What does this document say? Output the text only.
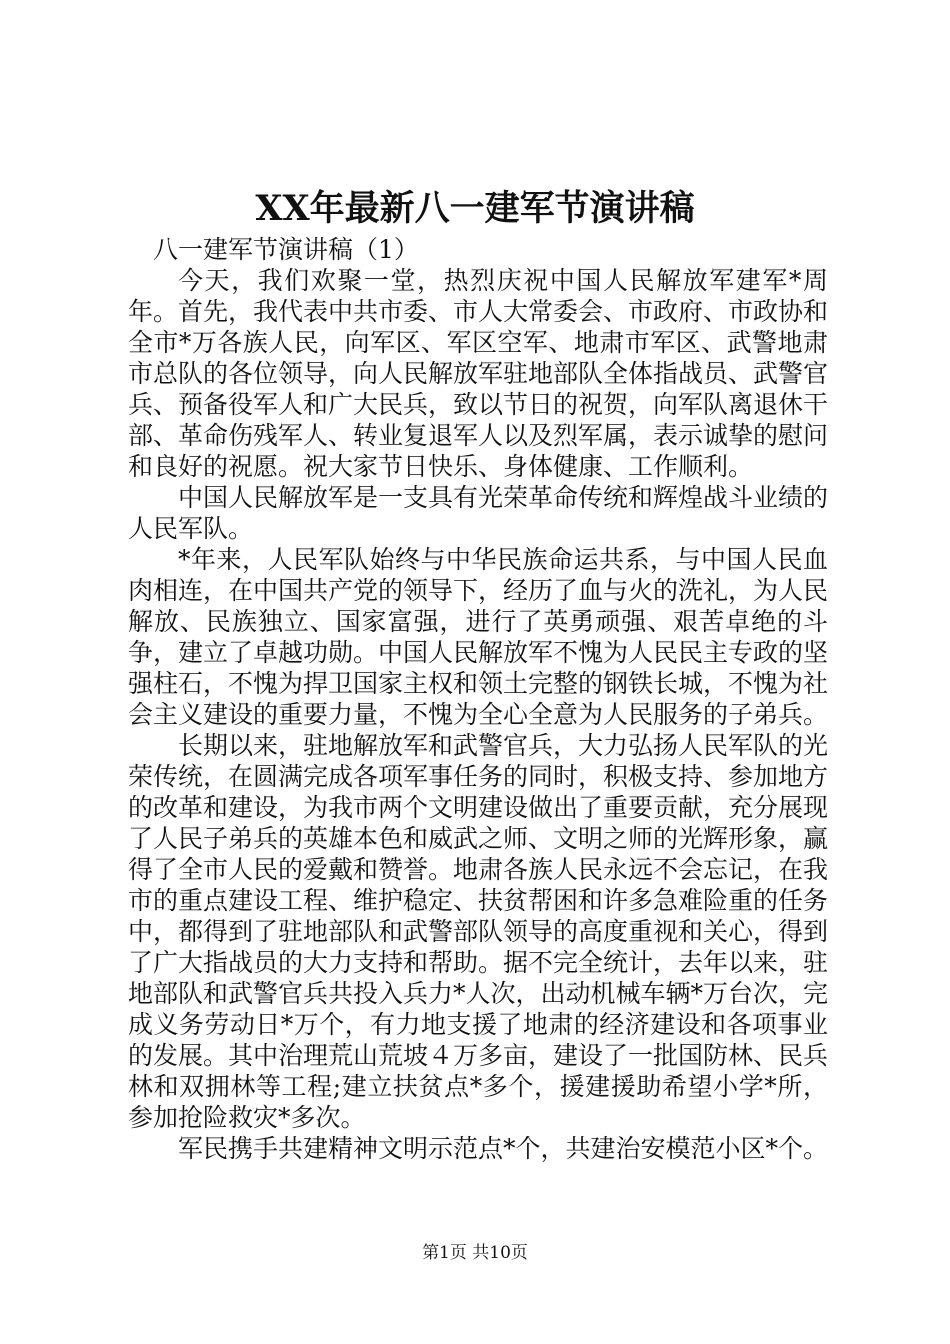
XX年最新八一建军节演讲稿

八一建军节演讲稿（1）

今天，我们欢聚一堂，热烈庆祝中国人民解放军建军*周年。首先，我代表中共市委、市人大常委会、市政府、市政协和全市*万各族人民，向军区、军区空军、地肃市军区、武警地肃市总队的各位领导，向人民解放军驻地部队全体指战员、武警官兵、预备役军人和广大民兵，致以节日的祝贺，向军队离退休干部、革命伤残军人、转业复退军人以及烈军属，表示诚挚的慰问和良好的祝愿。祝大家节日快乐、身体健康、工作顺利。

中国人民解放军是一支具有光荣革命传统和辉煌战斗业绩的人民军队。

*年来，人民军队始终与中华民族命运共系，与中国人民血肉相连，在中国共产党的领导下，经历了血与火的洗礼，为人民解放、民族独立、国家富强，进行了英勇顽强、艰苦卓绝的斗争，建立了卓越功勋。中国人民解放军不愧为人民民主专政的坚强柱石，不愧为捍卫国家主权和领土完整的钢铁长城，不愧为社会主义建设的重要力量，不愧为全心全意为人民服务的子弟兵。

长期以来，驻地解放军和武警官兵，大力弘扬人民军队的光荣传统，在圆满完成各项军事任务的同时，积极支持、参加地方的改革和建设，为我市两个文明建设做出了重要贡献，充分展现了人民子弟兵的英雄本色和威武之师、文明之师的光辉形象，赢得了全市人民的爱戴和赞誉。地肃各族人民永远不会忘记，在我市的重点建设工程、维护稳定、扶贫帮困和许多急难险重的任务中，都得到了驻地部队和武警部队领导的高度重视和关心，得到了广大指战员的大力支持和帮助。据不完全统计，去年以来，驻地部队和武警官兵共投入兵力*人次，出动机械车辆*万台次，完成义务劳动日*万个，有力地支援了地肃的经济建设和各项事业的发展。其中治理荒山荒坡４万多亩，建设了一批国防林、民兵林和双拥林等工程;建立扶贫点*多个，援建援助希望小学*所，参加抢险救灾*多次。

军民携手共建精神文明示范点*个，共建治安模范小区*个。

第1页 共10页
